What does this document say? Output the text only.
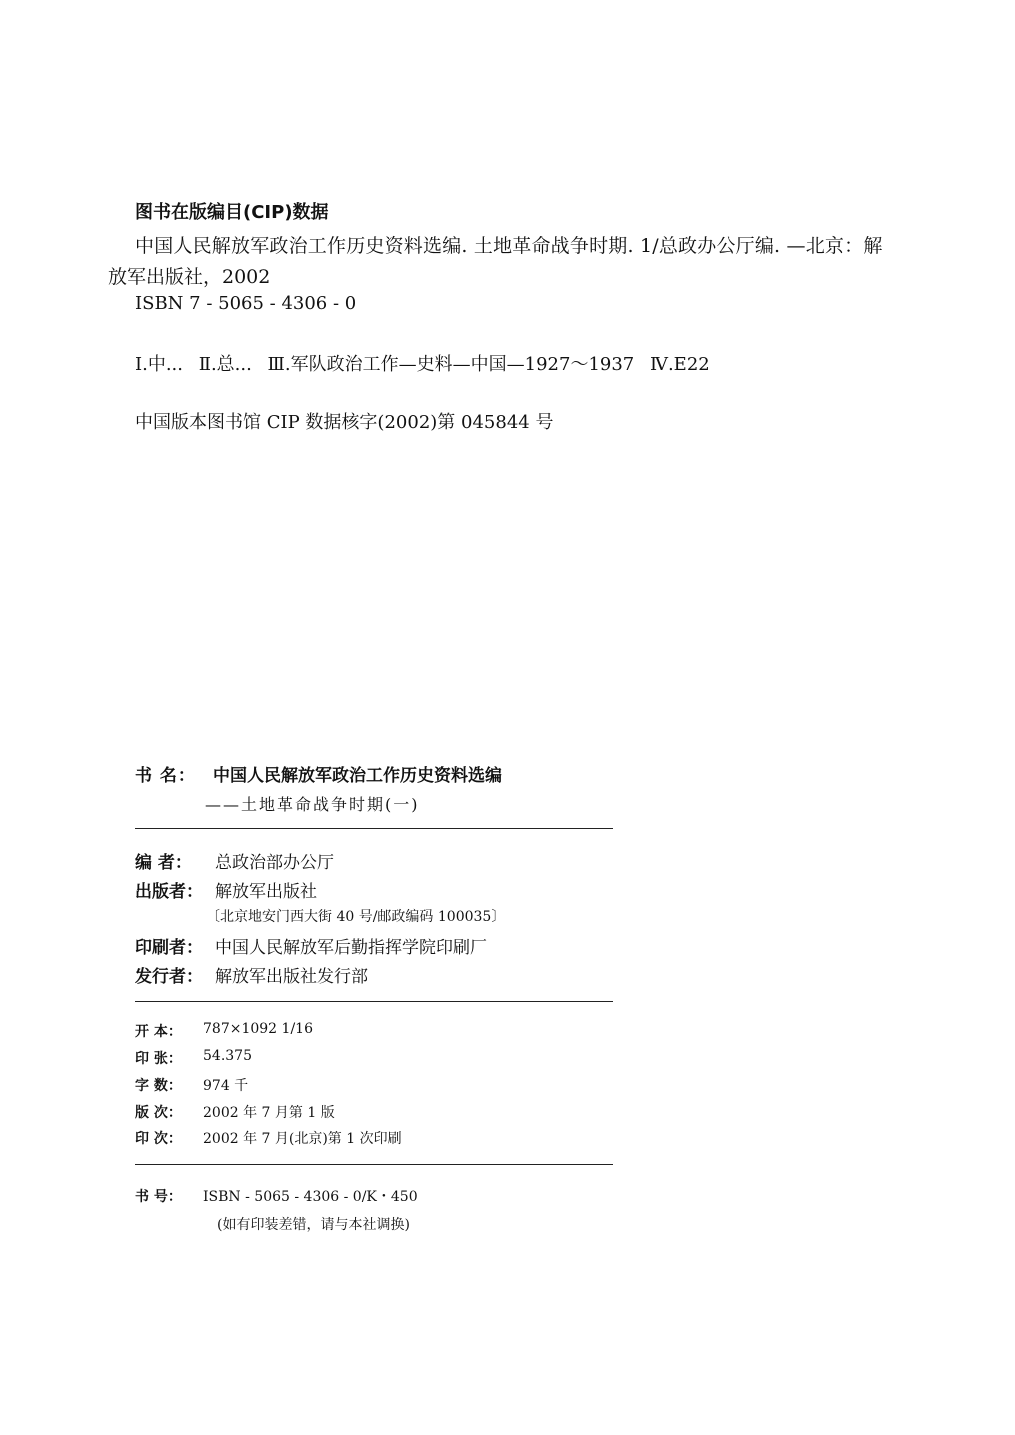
图书在版编目(CIP)数据
中国人民解放军政治工作历史资料选编. 土地革命战争时期. 1/总政办公厅编. —北京：解
放军出版社，2002
ISBN 7 - 5065 - 4306 - 0
Ⅰ.中... Ⅱ.总... Ⅲ.军队政治工作—史料—中国—1927～1937 Ⅳ.E22
中国版本图书馆 CIP 数据核字(2002)第 045844 号
书 名： 中国人民解放军政治工作历史资料选编
——土地革命战争时期(一)
编 者： 总政治部办公厅
出版者： 解放军出版社
〔北京地安门西大街 40 号/邮政编码 100035〕
印刷者： 中国人民解放军后勤指挥学院印刷厂
发行者： 解放军出版社发行部
开 本： 787×1092 1/16
印 张： 54.375
字 数： 974 千
版 次： 2002 年 7 月第 1 版
印 次： 2002 年 7 月(北京)第 1 次印刷
书 号： ISBN - 5065 - 4306 - 0/K・450
(如有印装差错，请与本社调换)
